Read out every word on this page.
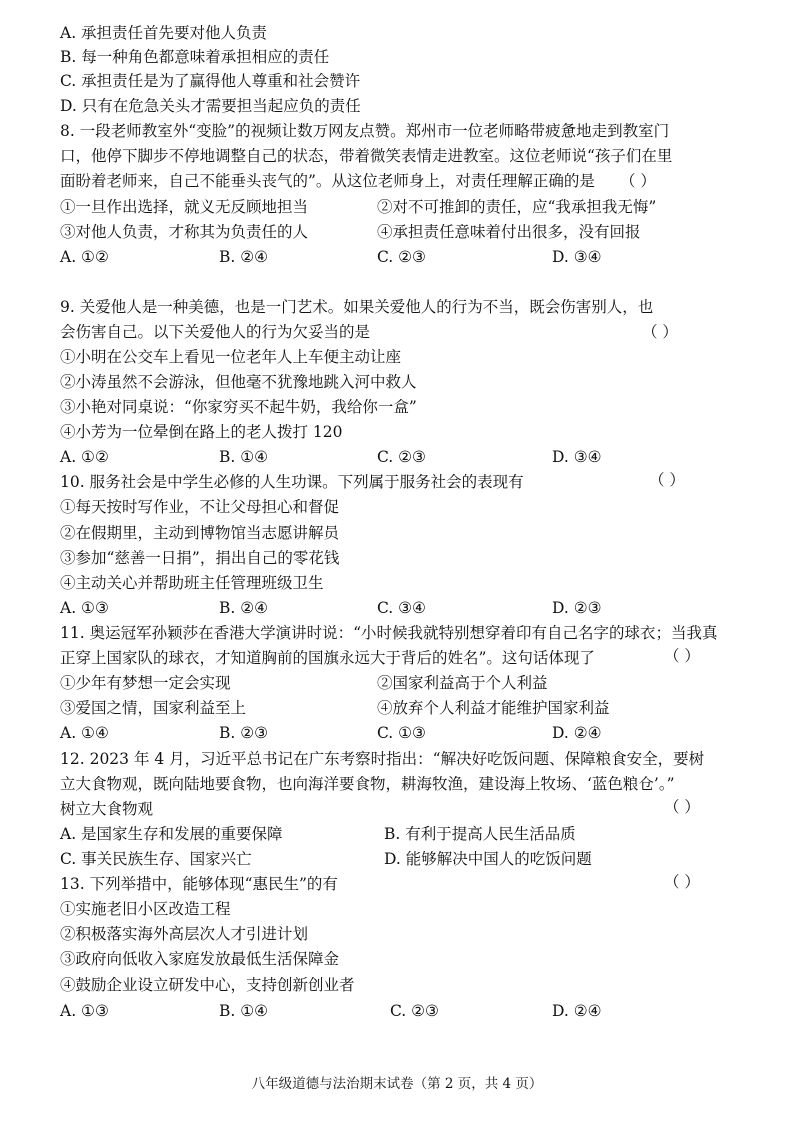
A. 承担责任首先要对他人负责
B. 每一种角色都意味着承担相应的责任
C. 承担责任是为了赢得他人尊重和社会赞许
D. 只有在危急关头才需要担当起应负的责任
8. 一段老师教室外“变脸”的视频让数万网友点赞。郑州市一位老师略带疲惫地走到教室门
口，他停下脚步不停地调整自己的状态，带着微笑表情走进教室。这位老师说“孩子们在里
面盼着老师来，自己不能垂头丧气的”。从这位老师身上，对责任理解正确的是 （ ）
①一旦作出选择，就义无反顾地担当	②对不可推卸的责任，应“我承担我无悔”
③对他人负责，才称其为负责任的人	④承担责任意味着付出很多，没有回报
A. ①②	B. ②④	C. ②③	D. ③④
9. 关爱他人是一种美德，也是一门艺术。如果关爱他人的行为不当，既会伤害别人，也
会伤害自己。以下关爱他人的行为欠妥当的是	（ ）
①小明在公交车上看见一位老年人上车便主动让座
②小涛虽然不会游泳，但他毫不犹豫地跳入河中救人
③小艳对同桌说：“你家穷买不起牛奶，我给你一盒”
④小芳为一位晕倒在路上的老人拨打 120
A. ①②	B. ①④	C. ②③	D. ③④
10. 服务社会是中学生必修的人生功课。下列属于服务社会的表现有	（ ）
①每天按时写作业，不让父母担心和督促
②在假期里，主动到博物馆当志愿讲解员
③参加“慈善一日捐”，捐出自己的零花钱
④主动关心并帮助班主任管理班级卫生
A. ①③	B. ②④	C. ③④	D. ②③
11. 奥运冠军孙颖莎在香港大学演讲时说：“小时候我就特别想穿着印有自己名字的球衣；当我真
正穿上国家队的球衣，才知道胸前的国旗永远大于背后的姓名”。这句话体现了	（ ）
①少年有梦想一定会实现	②国家利益高于个人利益
③爱国之情，国家利益至上	④放弃个人利益才能维护国家利益
A. ①④	B. ②③	C. ①③	D. ②④
12. 2023 年 4 月，习近平总书记在广东考察时指出：“解决好吃饭问题、保障粮食安全，要树
立大食物观，既向陆地要食物，也向海洋要食物，耕海牧渔，建设海上牧场、‘蓝色粮仓’。”
树立大食物观	（ ）
A. 是国家生存和发展的重要保障	B. 有利于提高人民生活品质
C. 事关民族生存、国家兴亡	D. 能够解决中国人的吃饭问题
13. 下列举措中，能够体现“惠民生”的有	（ ）
①实施老旧小区改造工程
②积极落实海外高层次人才引进计划
③政府向低收入家庭发放最低生活保障金
④鼓励企业设立研发中心，支持创新创业者
A. ①③	B. ①④	C. ②③	D. ②④
八年级道德与法治期末试卷（第 2 页，共 4 页）
